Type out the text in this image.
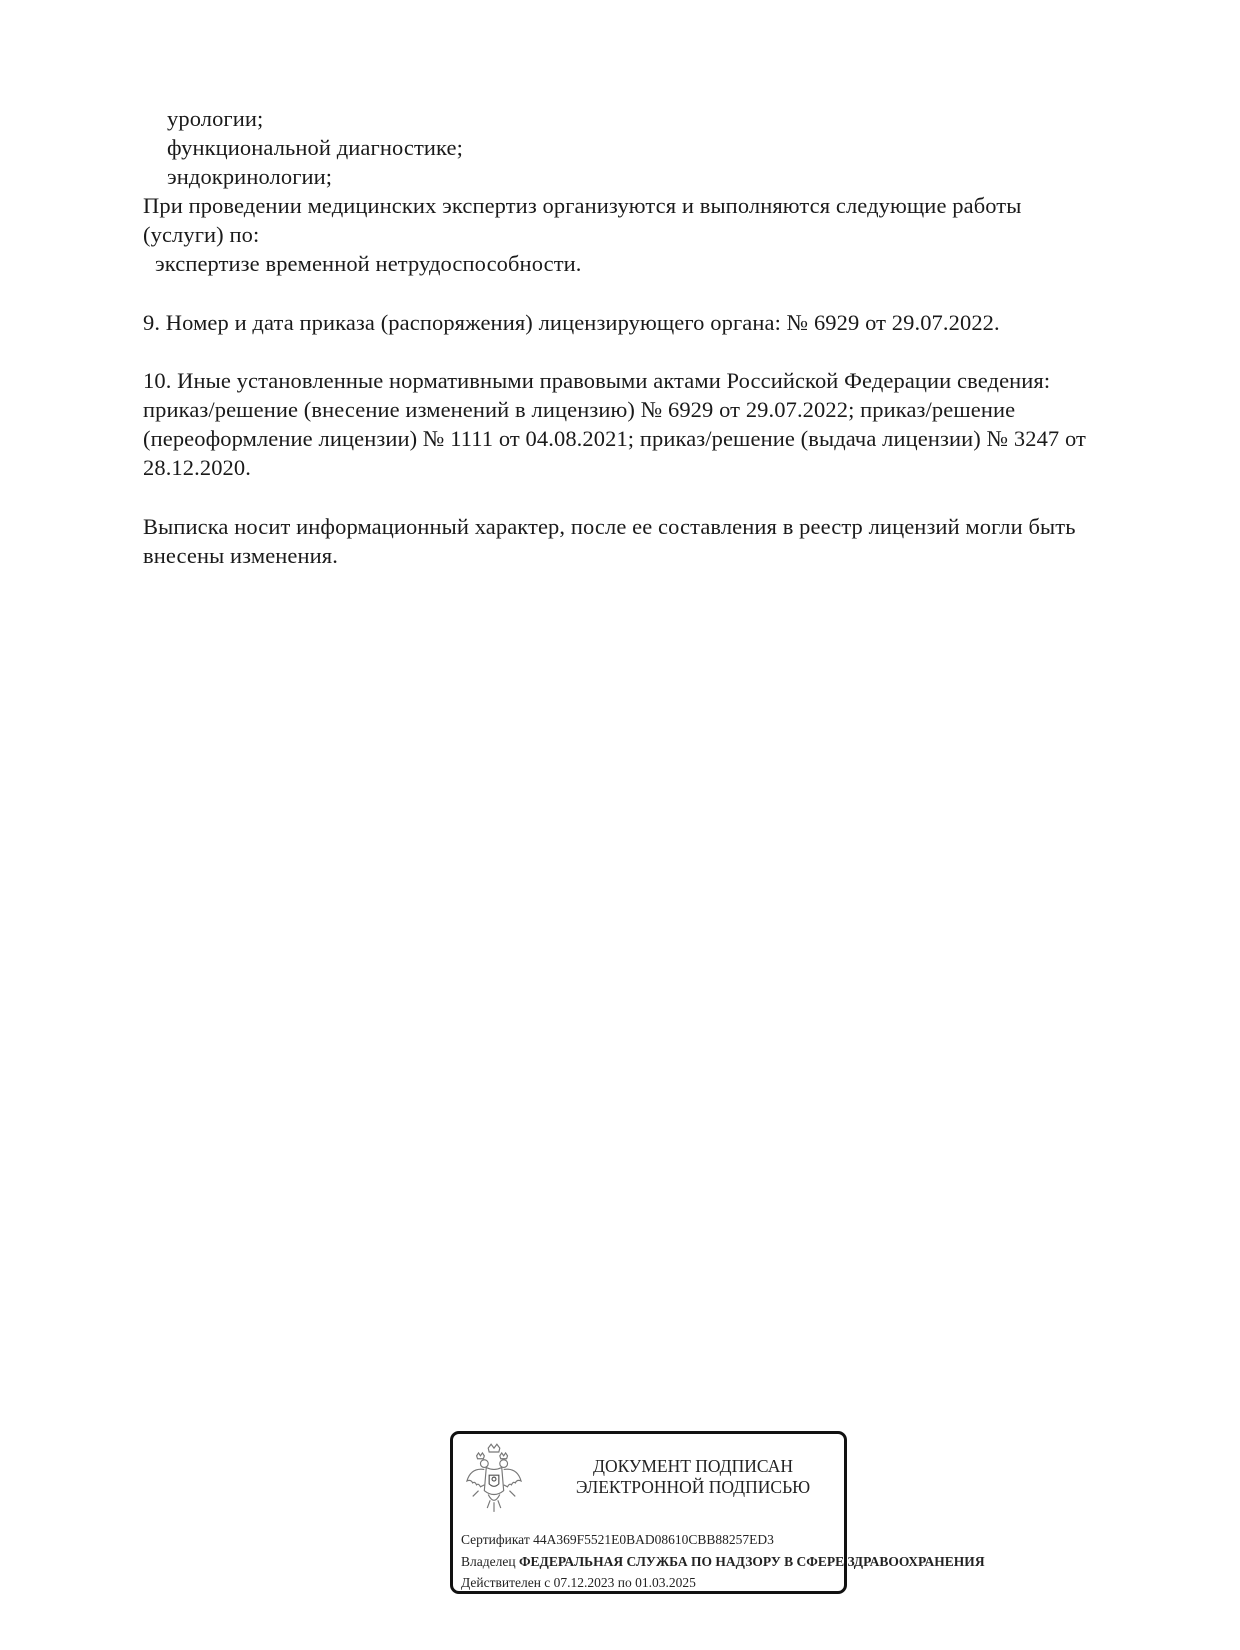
урологии;
функциональной диагностике;
эндокринологии;
При проведении медицинских экспертиз организуются и выполняются следующие работы
(услуги) по:
экспертизе временной нетрудоспособности.
9. Номер и дата приказа (распоряжения) лицензирующего органа: № 6929 от 29.07.2022.
10. Иные установленные нормативными правовыми актами Российской Федерации сведения:
приказ/решение (внесение изменений в лицензию) № 6929 от 29.07.2022; приказ/решение
(переоформление лицензии) № 1111 от 04.08.2021; приказ/решение (выдача лицензии) № 3247 от
28.12.2020.
Выписка носит информационный характер, после ее составления в реестр лицензий могли быть
внесены изменения.
ДОКУМЕНТ ПОДПИСАН
ЭЛЕКТРОННОЙ ПОДПИСЬЮ
Сертификат 44A369F5521E0BAD08610CBB88257ED3
Владелец ФЕДЕРАЛЬНАЯ СЛУЖБА ПО НАДЗОРУ В СФЕРЕ ЗДРАВООХРАНЕНИЯ
Действителен с 07.12.2023 по 01.03.2025
